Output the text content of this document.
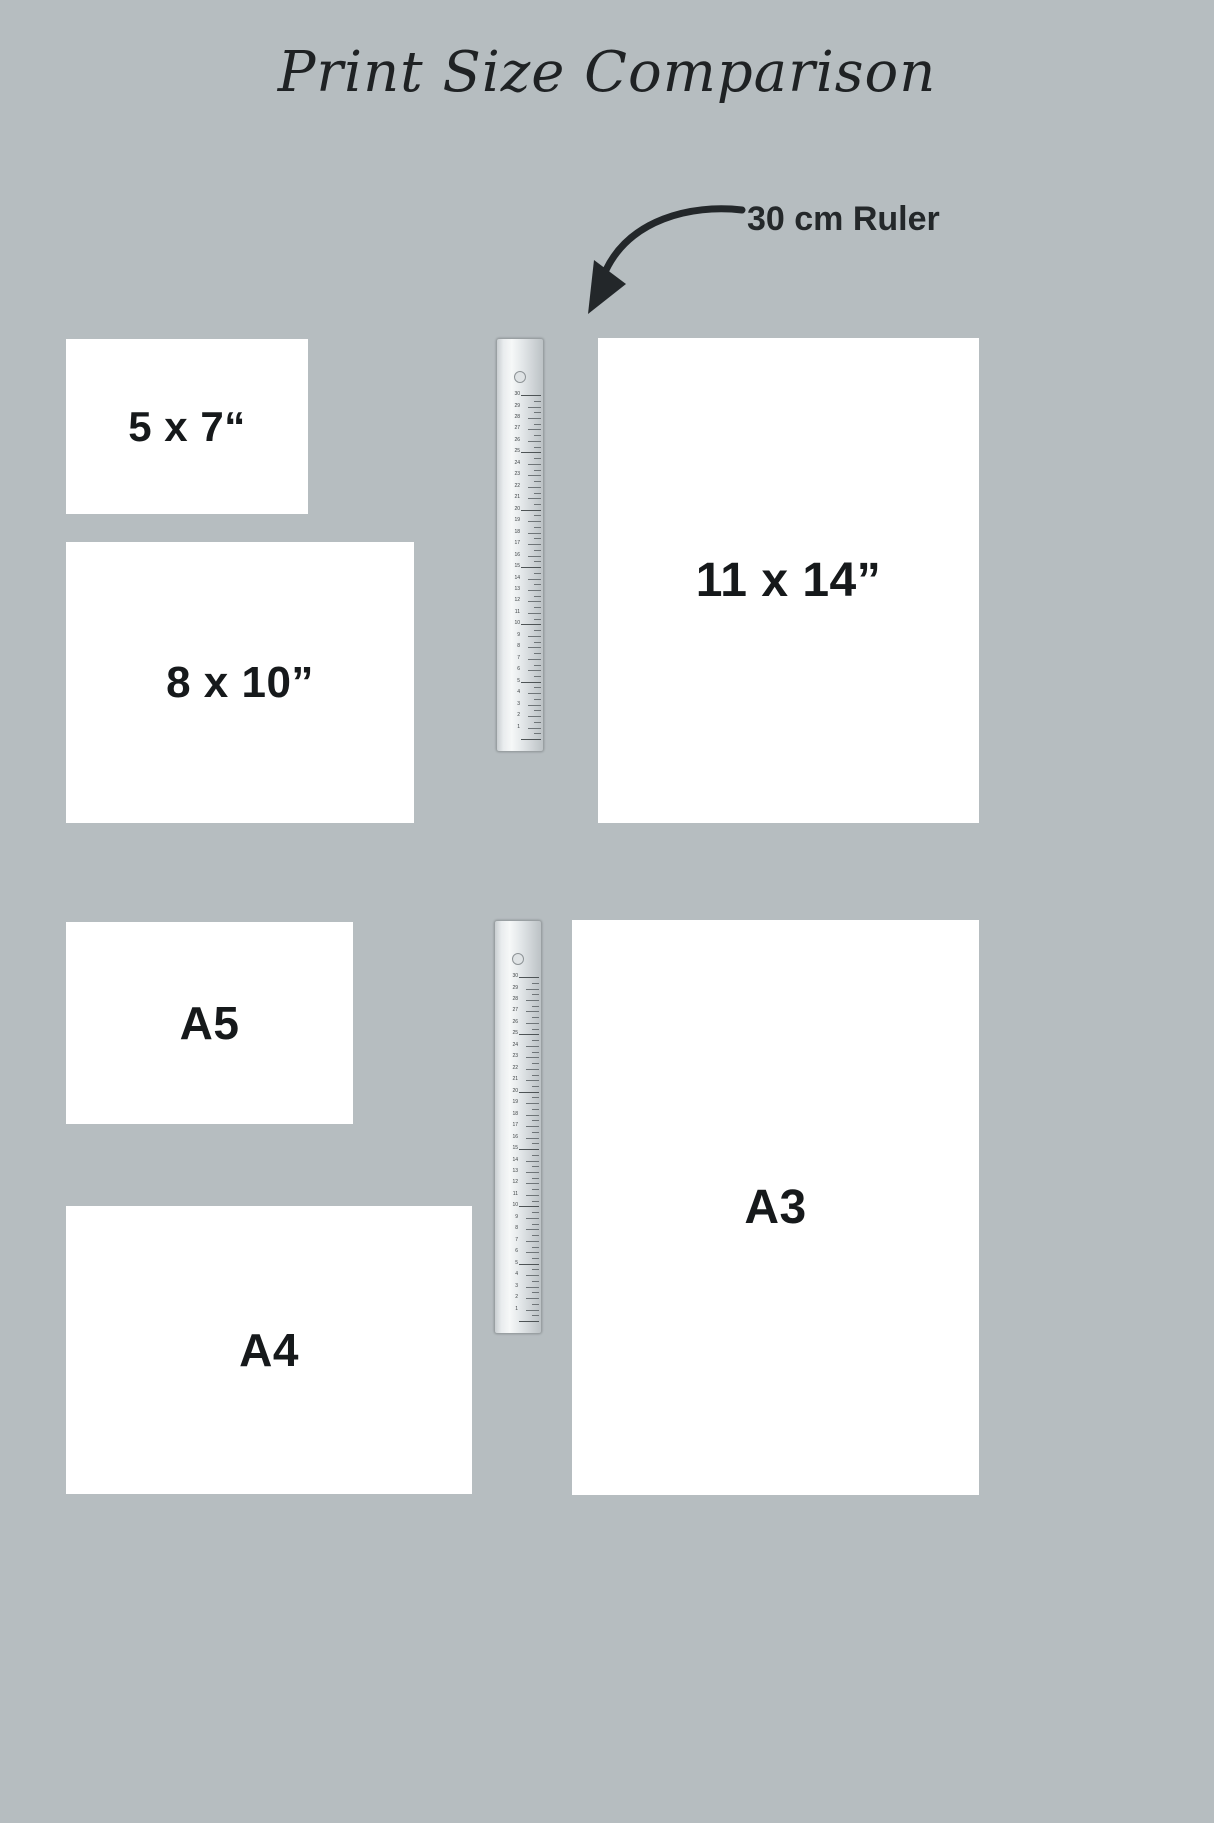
Print Size Comparison
30 cm Ruler
5 x 7“
8 x 10”
11 x 14”
A5
A4
A3
30
29
28
27
26
25
24
23
22
21
20
19
18
17
16
15
14
13
12
11
10
9
8
7
6
5
4
3
2
1
30
29
28
27
26
25
24
23
22
21
20
19
18
17
16
15
14
13
12
11
10
9
8
7
6
5
4
3
2
1
